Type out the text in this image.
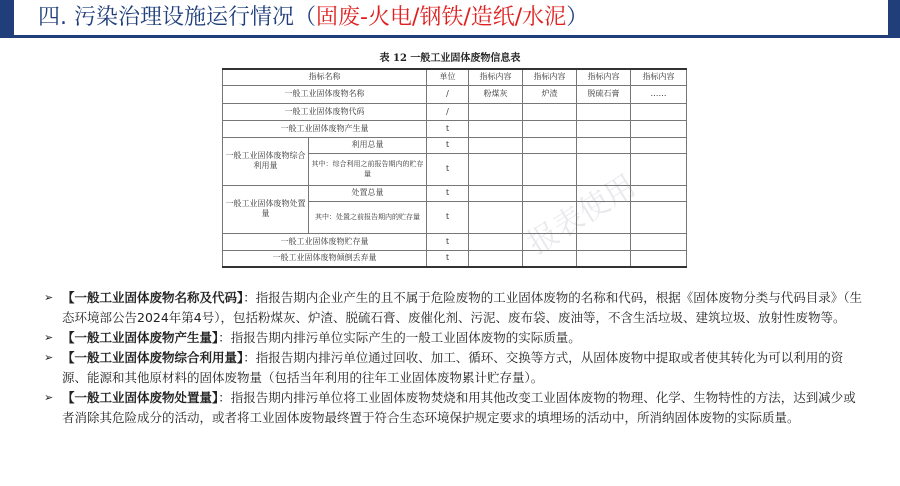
四. 污染治理设施运行情况（固废-火电/钢铁/造纸/水泥）
表 12 一般工业固体废物信息表
指标名称		单位	指标内容	指标内容	指标内容	指标内容
一般工业固体废物名称		/	粉煤灰	炉渣	脱硫石膏	……
一般工业固体废物代码		/				
一般工业固体废物产生量		t				
一般工业固体废物综合利用量	利用总量	t				
	其中：综合利用之前报告期内的贮存量	t				
一般工业固体废物处置量	处置总量	t				
	其中：处置之前报告期内的贮存量	t				
一般工业固体废物贮存量		t				
一般工业固体废物倾倒丢弃量		t				报表使用
➢ 【一般工业固体废物名称及代码】：指报告期内企业产生的且不属于危险废物的工业固体废物的名称和代码，根据《固体废物分类与代码目录》（生态环境部公告2024年第4号），包括粉煤灰、炉渣、脱硫石膏、废催化剂、污泥、废布袋、废油等，不含生活垃圾、建筑垃圾、放射性废物等。
➢ 【一般工业固体废物产生量】：指报告期内排污单位实际产生的一般工业固体废物的实际质量。
➢ 【一般工业固体废物综合利用量】：指报告期内排污单位通过回收、加工、循环、交换等方式，从固体废物中提取或者使其转化为可以利用的资源、能源和其他原材料的固体废物量（包括当年利用的往年工业固体废物累计贮存量）。
➢ 【一般工业固体废物处置量】：指报告期内排污单位将工业固体废物焚烧和用其他改变工业固体废物的物理、化学、生物特性的方法，达到减少或者消除其危险成分的活动，或者将工业固体废物最终置于符合生态环境保护规定要求的填埋场的活动中，所消纳固体废物的实际质量。
